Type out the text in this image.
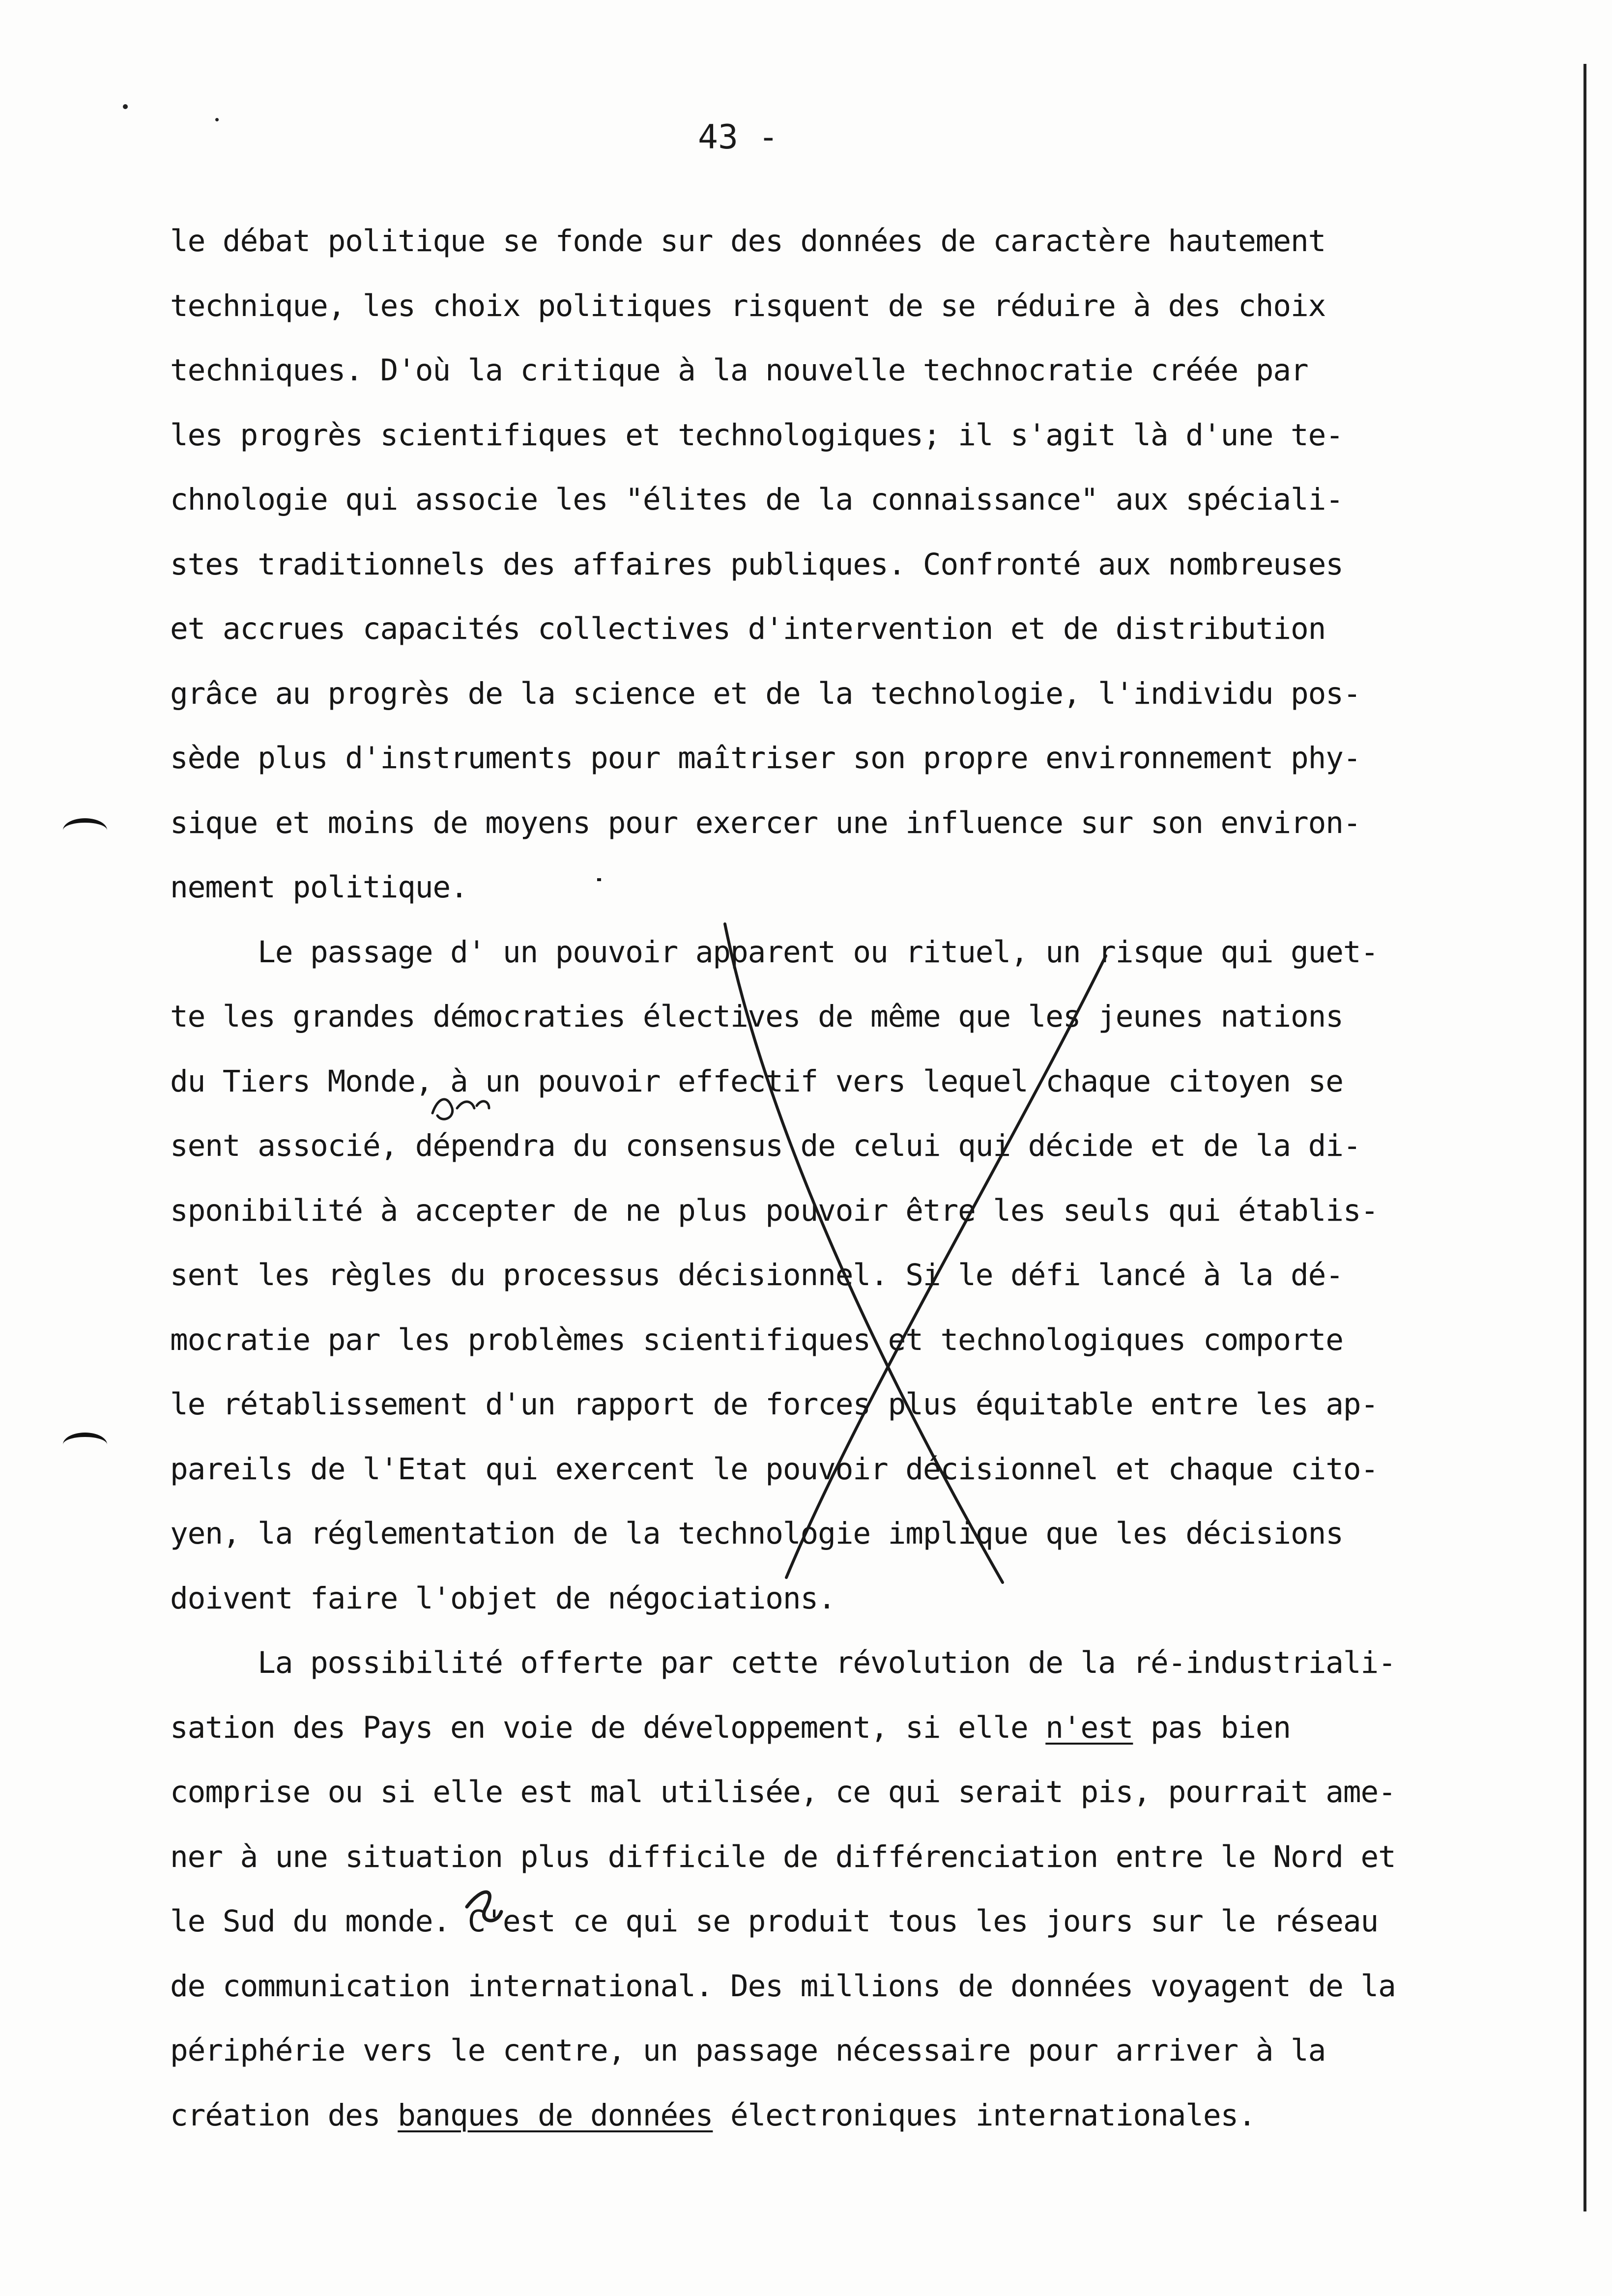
43 -
le débat politique se fonde sur des données de caractère hautement
technique, les choix politiques risquent de se réduire à des choix
techniques. D'où la critique à la nouvelle technocratie créée par
les progrès scientifiques et technologiques; il s'agit là d'une te-
chnologie qui associe les "élites de la connaissance" aux spéciali-
stes traditionnels des affaires publiques. Confronté aux nombreuses
et accrues capacités collectives d'intervention et de distribution
grâce au progrès de la science et de la technologie, l'individu pos-
sède plus d'instruments pour maîtriser son propre environnement phy-
sique et moins de moyens pour exercer une influence sur son environ-
nement politique.
Le passage d' un pouvoir apparent ou rituel, un risque qui guet-
te les grandes démocraties électives de même que les jeunes nations
du Tiers Monde, à un pouvoir effectif vers lequel chaque citoyen se
sent associé, dépendra du consensus de celui qui décide et de la di-
sponibilité à accepter de ne plus pouvoir être les seuls qui établis-
sent les règles du processus décisionnel. Si le défi lancé à la dé-
mocratie par les problèmes scientifiques et technologiques comporte
le rétablissement d'un rapport de forces plus équitable entre les ap-
pareils de l'Etat qui exercent le pouvoir décisionnel et chaque cito-
yen, la réglementation de la technologie implique que les décisions
doivent faire l'objet de négociations.
La possibilité offerte par cette révolution de la ré-industriali-
sation des Pays en voie de développement, si elle n'est pas bien
comprise ou si elle est mal utilisée, ce qui serait pis, pourrait ame-
ner à une situation plus difficile de différenciation entre le Nord et
le Sud du monde. C'est ce qui se produit tous les jours sur le réseau
de communication international. Des millions de données voyagent de la
périphérie vers le centre, un passage nécessaire pour arriver à la
création des banques de données électroniques internationales.
